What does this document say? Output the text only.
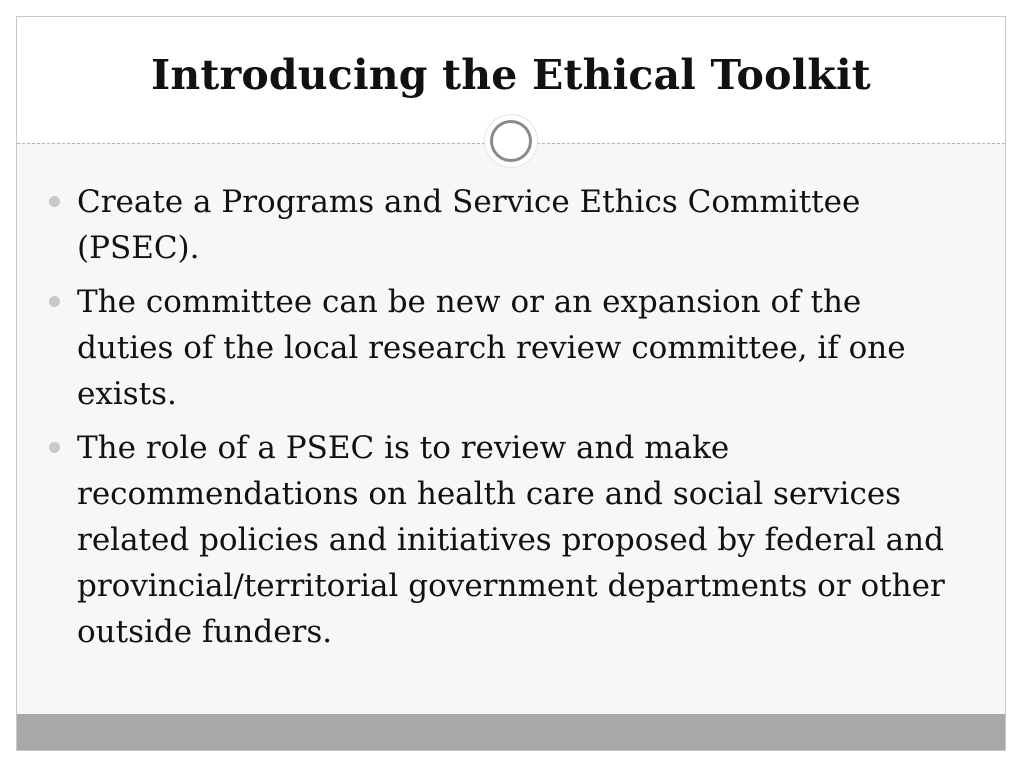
Introducing the Ethical Toolkit
Create a Programs and Service Ethics Committee (PSEC).
The committee can be new or an expansion of the duties of the local research review committee, if one exists.
The role of a PSEC is to review and make recommendations on health care and social services related policies and initiatives proposed by federal and provincial/territorial government departments or other outside funders.
